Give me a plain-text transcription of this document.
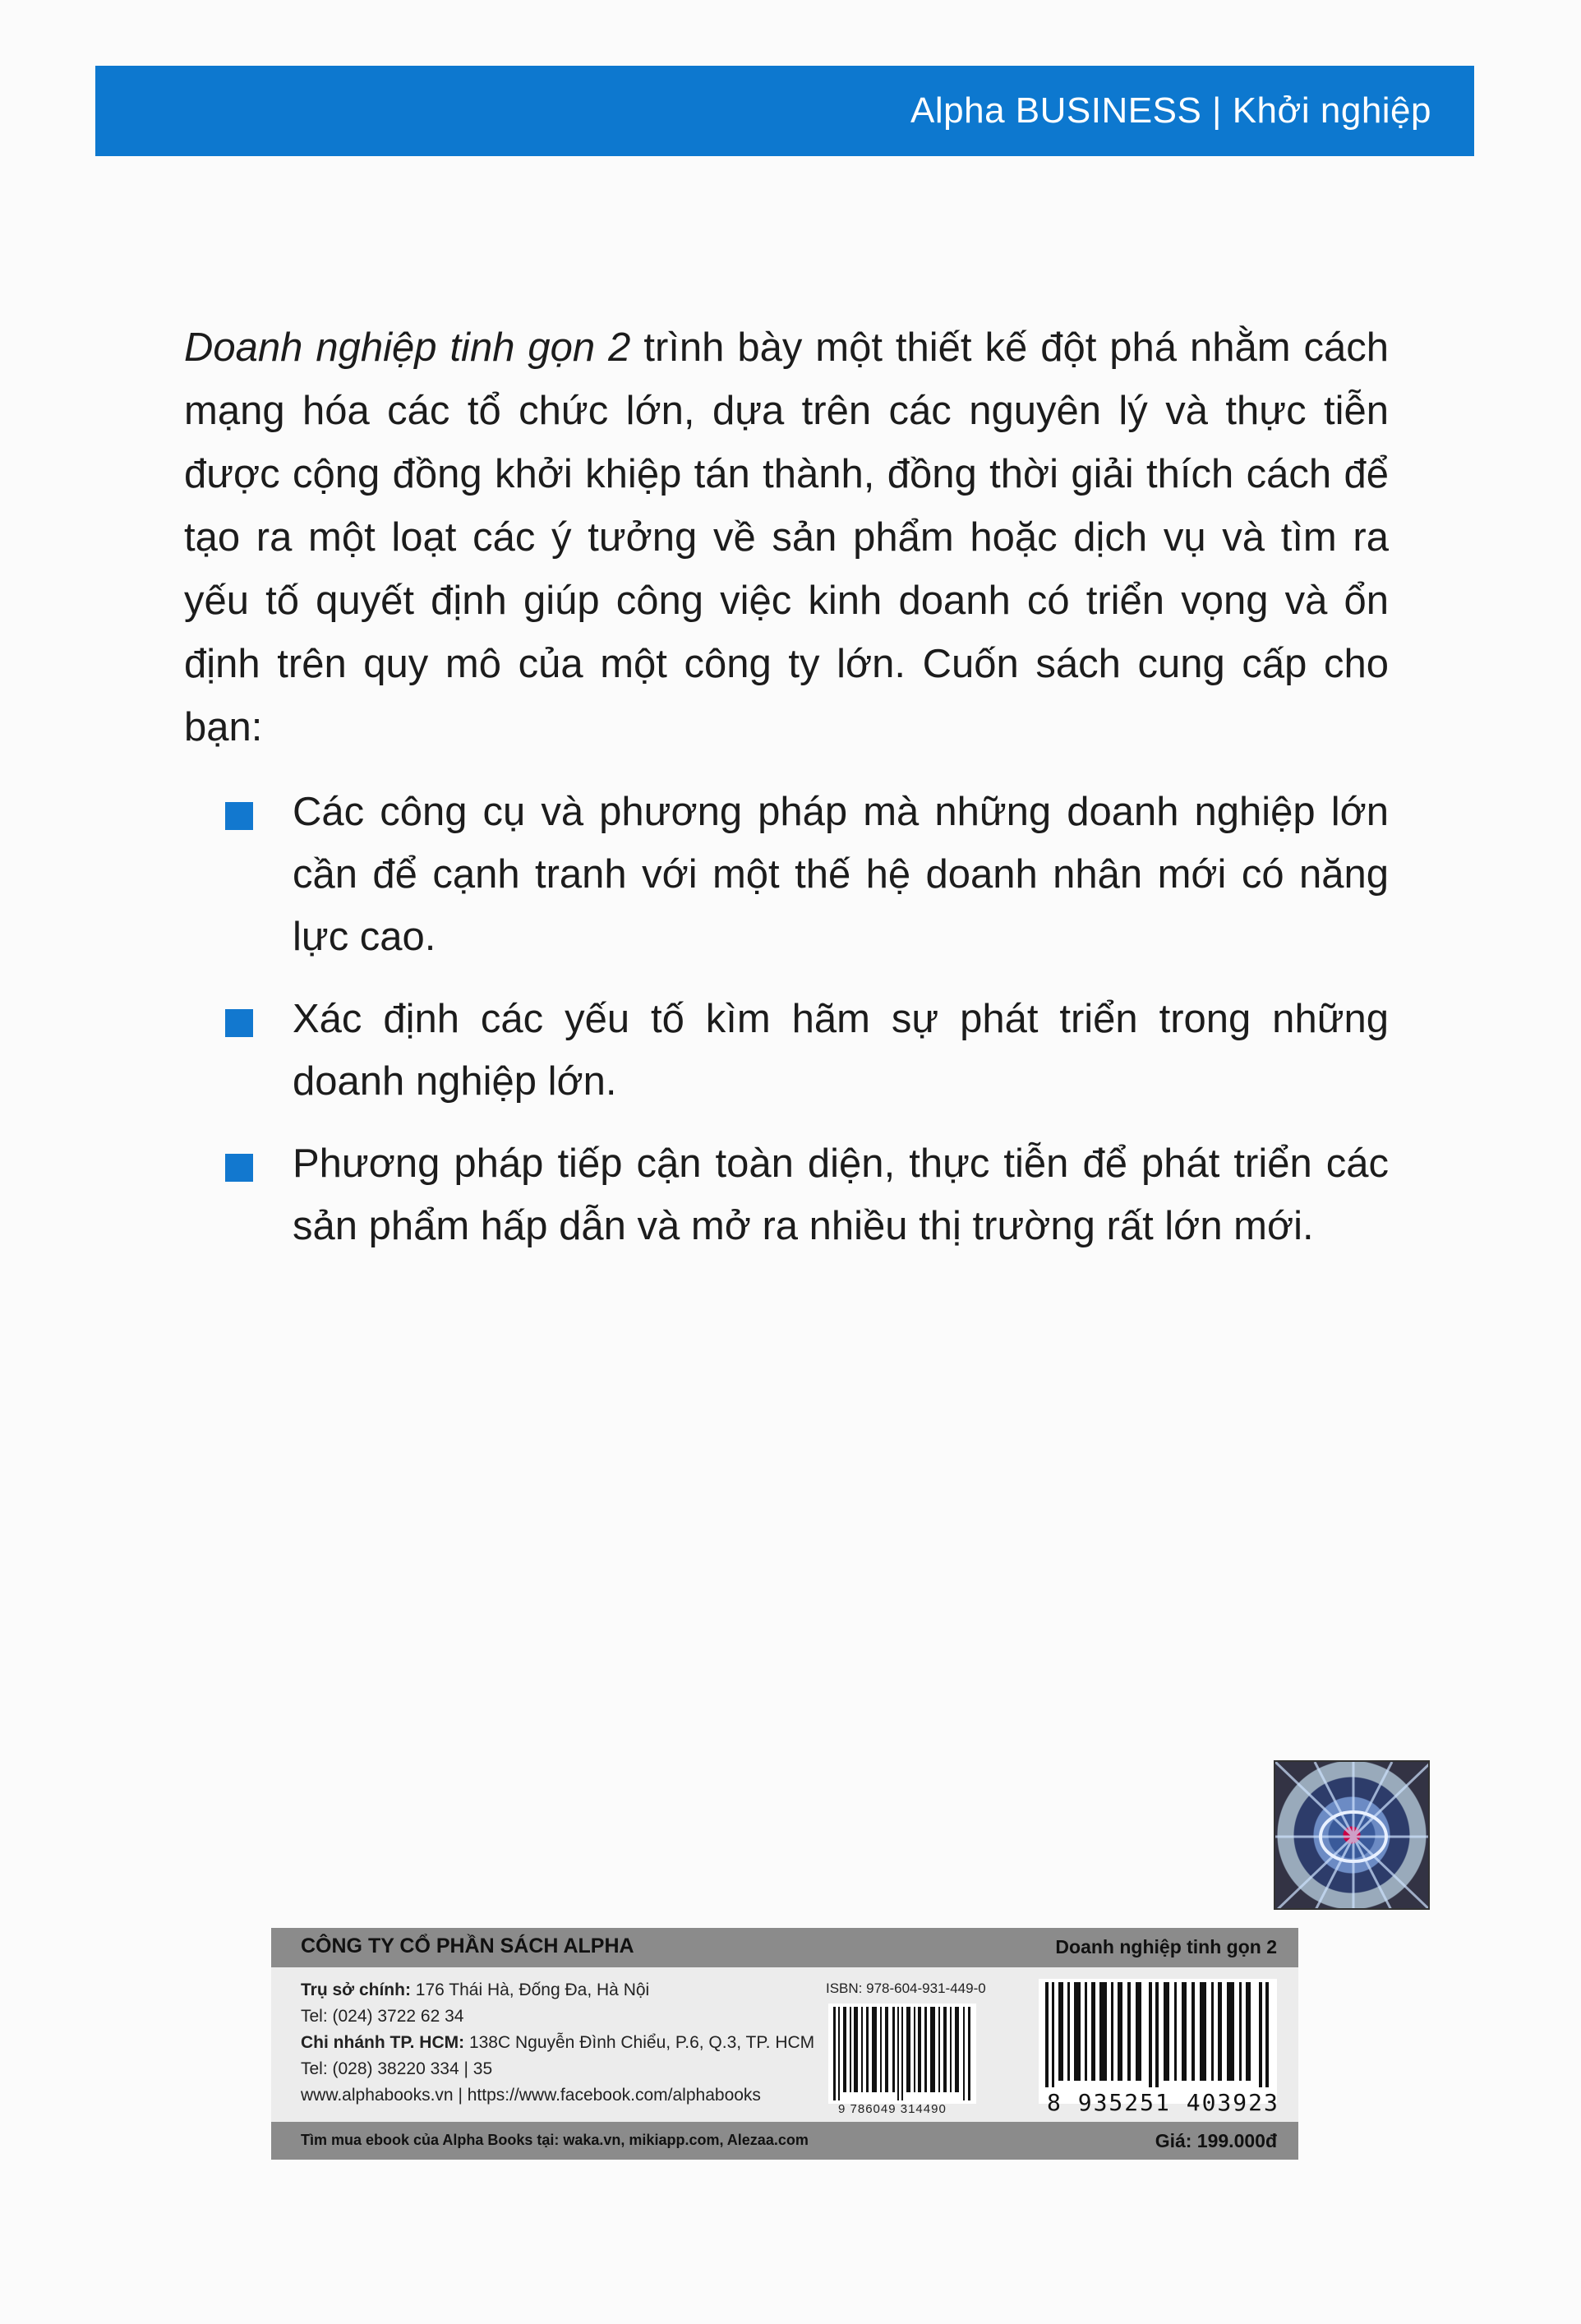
Alpha BUSINESS | Khởi nghiệp

Doanh nghiệp tinh gọn 2 trình bày một thiết kế đột phá nhằm cách mạng hóa các tổ chức lớn, dựa trên các nguyên lý và thực tiễn được cộng đồng khởi khiệp tán thành, đồng thời giải thích cách để tạo ra một loạt các ý tưởng về sản phẩm hoặc dịch vụ và tìm ra yếu tố quyết định giúp công việc kinh doanh có triển vọng và ổn định trên quy mô của một công ty lớn. Cuốn sách cung cấp cho bạn:

Các công cụ và phương pháp mà những doanh nghiệp lớn cần để cạnh tranh với một thế hệ doanh nhân mới có năng lực cao.
Xác định các yếu tố kìm hãm sự phát triển trong những doanh nghiệp lớn.
Phương pháp tiếp cận toàn diện, thực tiễn để phát triển các sản phẩm hấp dẫn và mở ra nhiều thị trường rất lớn mới.
CÔNG TY CỔ PHẦN SÁCH ALPHA	Doanh nghiệp tinh gọn 2
Trụ sở chính: 176 Thái Hà, Đống Đa, Hà Nội
Tel: (024) 3722 62 34
Chi nhánh TP. HCM: 138C Nguyễn Đình Chiểu, P.6, Q.3, TP. HCM
Tel: (028) 38220 334 | 35
www.alphabooks.vn | https://www.facebook.com/alphabooks
ISBN: 978-604-931-449-0
9 786049 314490	8 935251 403923
Tìm mua ebook của Alpha Books tại: waka.vn, mikiapp.com, Alezaa.com	Giá: 199.000đ
